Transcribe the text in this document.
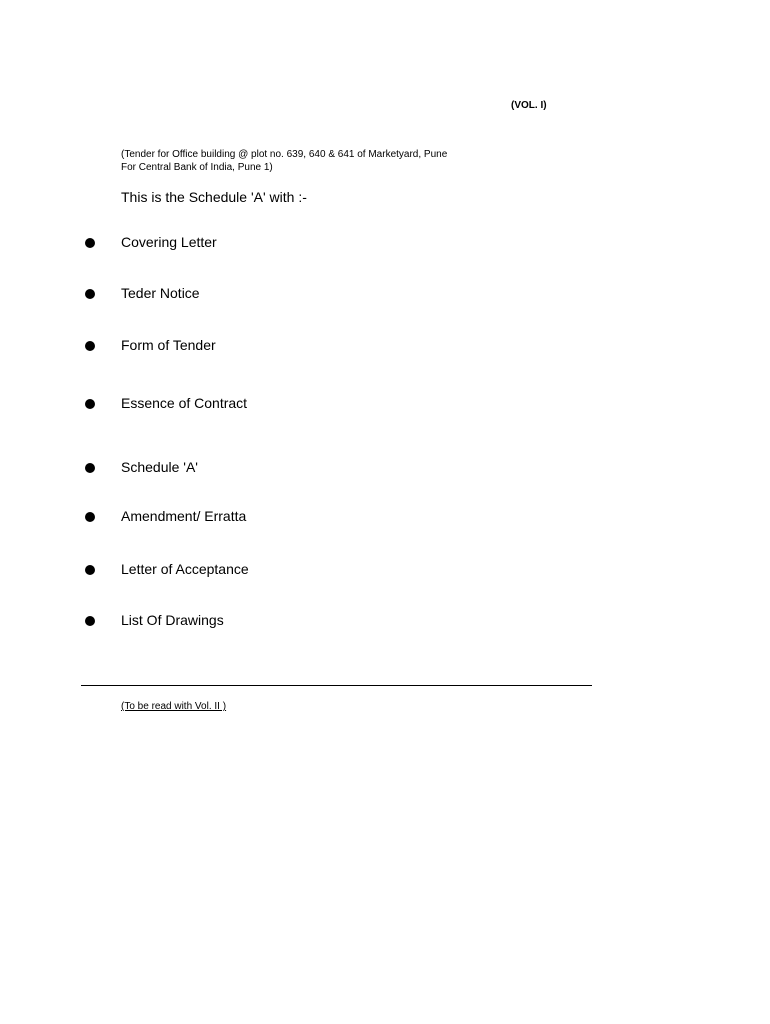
(VOL. I)
(Tender for Office building @ plot no. 639, 640 & 641 of Marketyard, Pune
For Central Bank of India, Pune 1)
This is the Schedule 'A' with :-
Covering Letter
Teder Notice
Form of Tender
Essence of Contract
Schedule 'A'
Amendment/ Erratta
Letter of Acceptance
List Of Drawings
(To be read with Vol. II )
